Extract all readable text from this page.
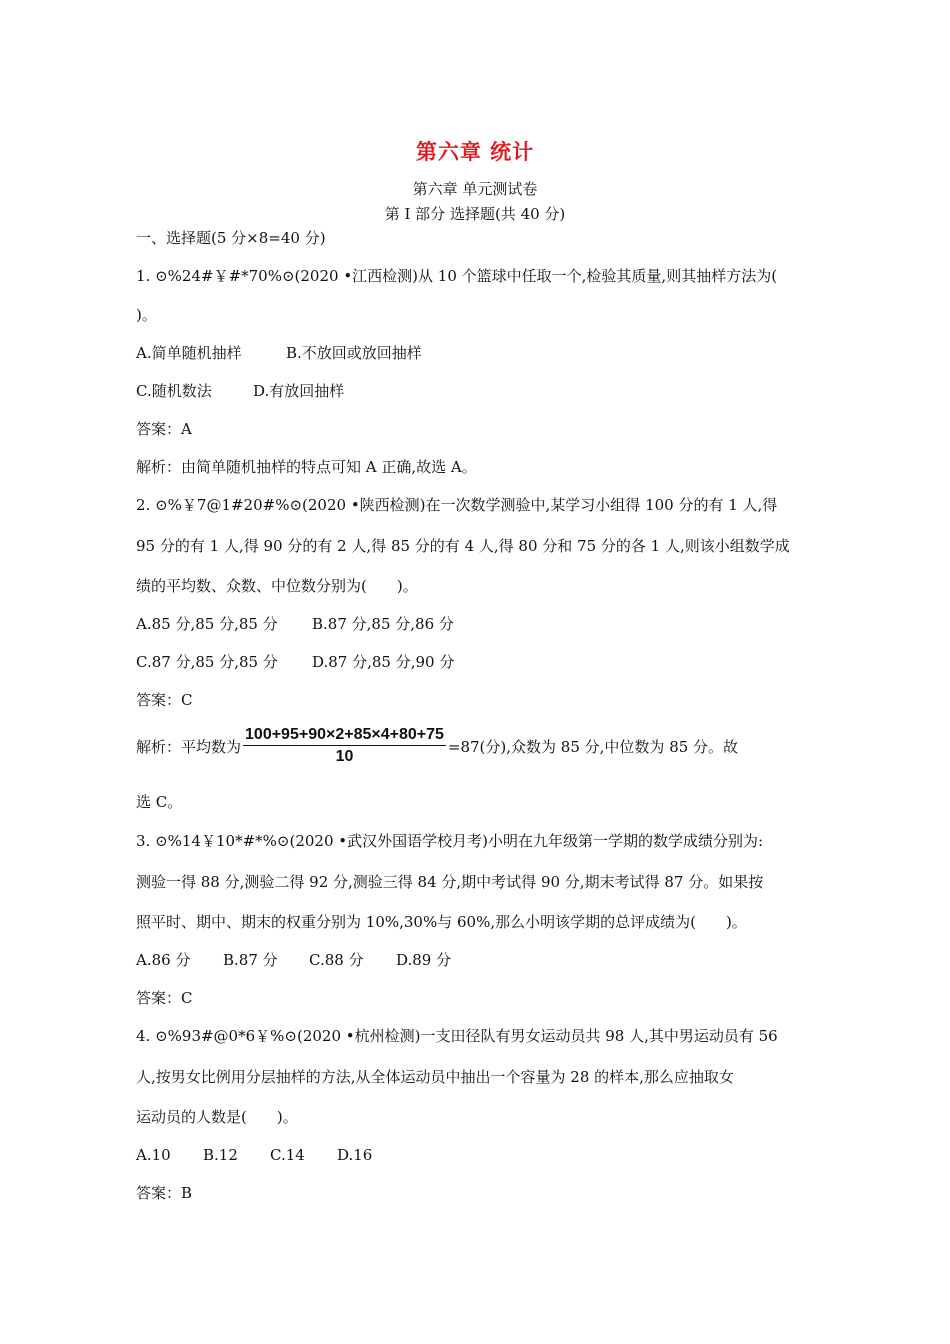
第六章 统计
第六章 单元测试卷
第 I 部分 选择题(共 40 分)
一、选择题(5 分×8=40 分)
1. ⊙%24#￥#*70%⊙(2020 •江西检测)从 10 个篮球中任取一个,检验其质量,则其抽样方法为(
)。
A.简单随机抽样	B.不放回或放回抽样
C.随机数法	D.有放回抽样
答案：A
解析：由简单随机抽样的特点可知 A 正确,故选 A。
2. ⊙%￥7@1#20#%⊙(2020 •陕西检测)在一次数学测验中,某学习小组得 100 分的有 1 人,得
95 分的有 1 人,得 90 分的有 2 人,得 85 分的有 4 人,得 80 分和 75 分的各 1 人,则该小组数学成
绩的平均数、众数、中位数分别为(　　)。
A.85 分,85 分,85 分 B.87 分,85 分,86 分
C.87 分,85 分,85 分 D.87 分,85 分,90 分
答案：C
解析：平均数为 $\frac{100+95+90\times 2+85\times 4+80+75}{10} =87$(分),众数为 85 分,中位数为 85 分。故
选 C。
3. ⊙%14￥10*#*%⊙(2020 •武汉外国语学校月考)小明在九年级第一学期的数学成绩分别为:
测验一得 88 分,测验二得 92 分,测验三得 84 分,期中考试得 90 分,期末考试得 87 分。如果按
照平时、期中、期末的权重分别为 10%,30%与 60%,那么小明该学期的总评成绩为(　　)。
A.86 分 B.87 分 C.88 分 D.89 分
答案：C
4. ⊙%93#@0*6￥%⊙(2020 •杭州检测)一支田径队有男女运动员共 98 人,其中男运动员有 56
人,按男女比例用分层抽样的方法,从全体运动员中抽出一个容量为 28 的样本,那么应抽取女
运动员的人数是(　　)。
A.10 B.12 C.14 D.16
答案：B
